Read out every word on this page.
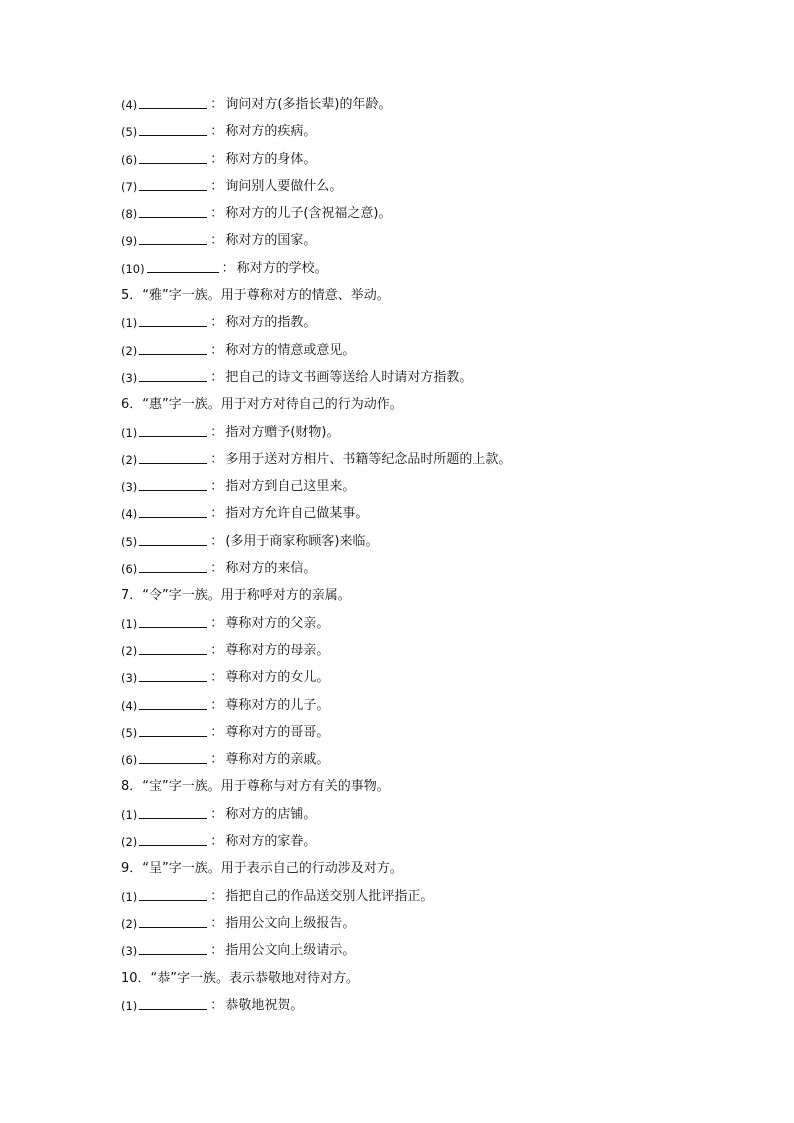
(4)	： 询问对方(多指长辈)的年龄。
(5)	： 称对方的疾病。
(6)	： 称对方的身体。
(7)	： 询问别人要做什么。
(8)	： 称对方的儿子(含祝福之意)。
(9)	： 称对方的国家。
(10)	： 称对方的学校。
5．“雅”字一族。用于尊称对方的情意、举动。
(1)	： 称对方的指教。
(2)	： 称对方的情意或意见。
(3)	： 把自己的诗文书画等送给人时请对方指教。
6．“惠”字一族。用于对方对待自己的行为动作。
(1)	： 指对方赠予(财物)。
(2)	： 多用于送对方相片、书籍等纪念品时所题的上款。
(3)	： 指对方到自己这里来。
(4)	： 指对方允许自己做某事。
(5)	： (多用于商家称顾客)来临。
(6)	： 称对方的来信。
7．“令”字一族。用于称呼对方的亲属。
(1)	： 尊称对方的父亲。
(2)	： 尊称对方的母亲。
(3)	： 尊称对方的女儿。
(4)	： 尊称对方的儿子。
(5)	： 尊称对方的哥哥。
(6)	： 尊称对方的亲戚。
8．“宝”字一族。用于尊称与对方有关的事物。
(1)	： 称对方的店铺。
(2)	： 称对方的家眷。
9．“呈”字一族。用于表示自己的行动涉及对方。
(1)	： 指把自己的作品送交别人批评指正。
(2)	： 指用公文向上级报告。
(3)	： 指用公文向上级请示。
10．“恭”字一族。表示恭敬地对待对方。
(1)	： 恭敬地祝贺。
